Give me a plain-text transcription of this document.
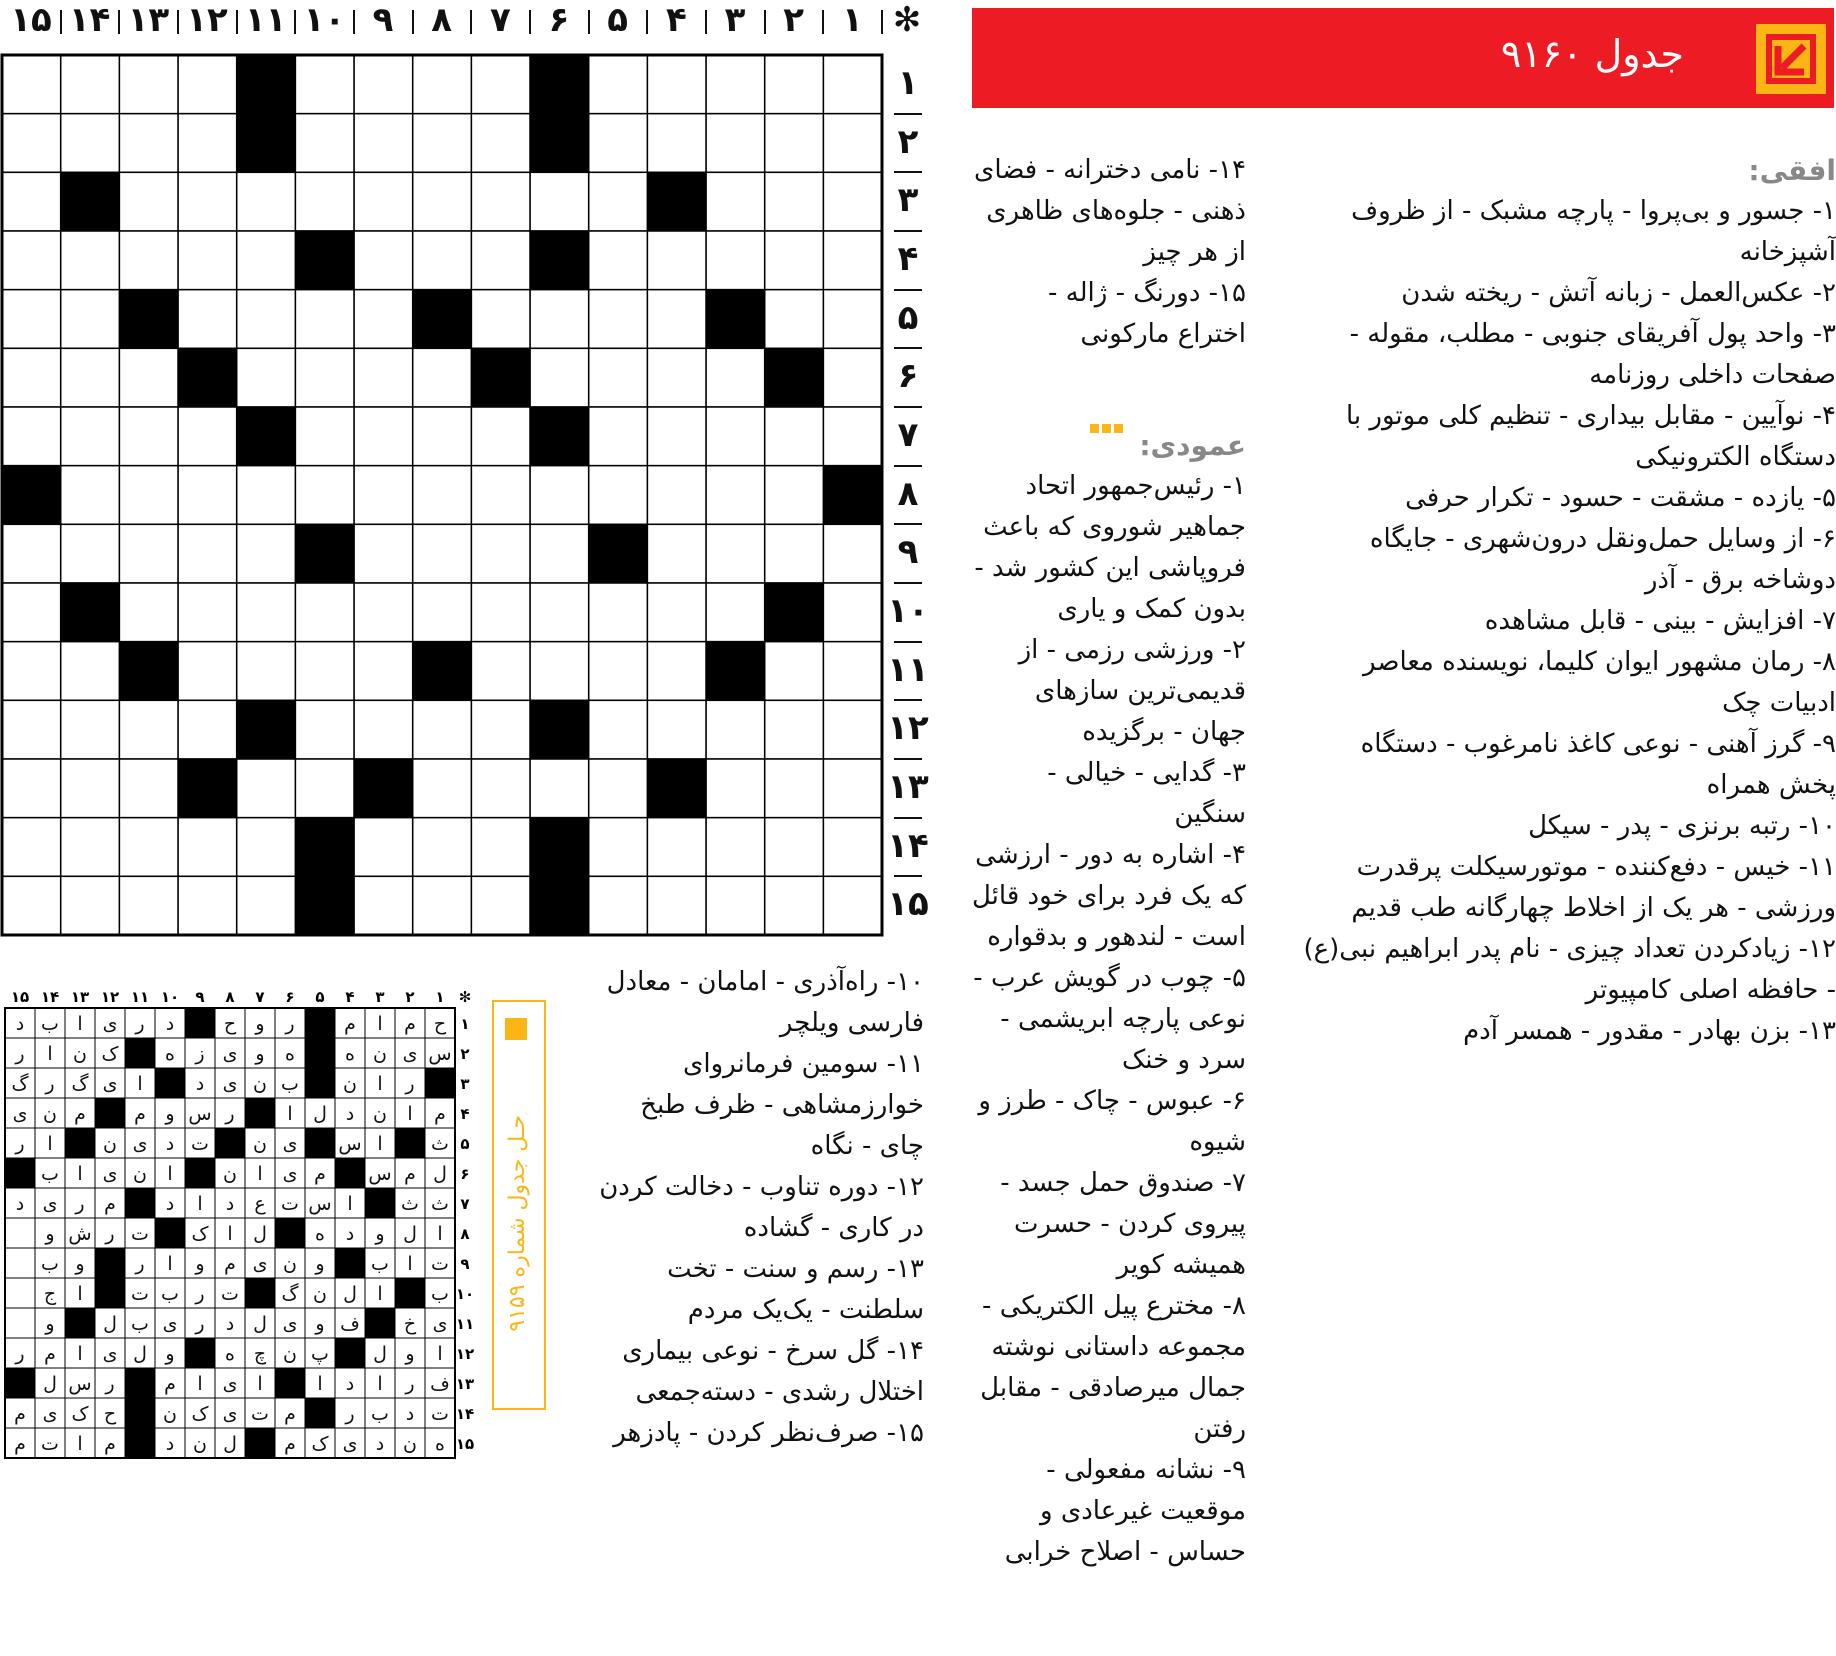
۱
۲
۳
۴
۵
۶
۷
۸
۹
۱۰
۱۱
۱۲
۱۳
۱۴
۱۵	✻
۱
۲
۳
۴
۵
۶
۷
۸
۹
۱۰
۱۱
۱۲
۱۳
۱۴
۱۵
جدول ۹۱۶۰

افقی:

۱- جسور و بی‌پروا - پارچه مشبک - از ظروف آشپزخانه

۲- عکس‌العمل - زبانه آتش - ریخته شدن

۳- واحد پول آفریقای جنوبی - مطلب، مقوله - صفحات داخلی روزنامه

۴- نوآیین - مقابل بیداری - تنظیم کلی موتور با دستگاه الکترونیکی

۵- یازده - مشقت - حسود - تکرار حرفی

۶- از وسایل حمل‌ونقل درون‌شهری - جایگاه دوشاخه برق - آذر

۷- افزایش - بینی - قابل مشاهده

۸- رمان مشهور ایوان کلیما، نویسنده معاصر ادبیات چک

۹- گرز آهنی - نوعی کاغذ نامرغوب - دستگاه پخش همراه

۱۰- رتبه برنزی - پدر - سیکل

۱۱- خیس - دفع‌کننده - موتورسیکلت پرقدرت ورزشی - هر یک از اخلاط چهارگانه طب قدیم

۱۲- زیادکردن تعداد چیزی - نام پدر ابراهیم نبی(ع) - حافظه اصلی کامپیوتر

۱۳- بزن بهادر - مقدور - همسر آدم

۱۴- نامی دخترانه - فضای ذهنی - جلوه‌های ظاهری از هر چیز

۱۵- دورنگ - ژاله - اختراع مارکونی

عمودی:

۱- رئیس‌جمهور اتحاد جماهیر شوروی که باعث فروپاشی این کشور شد - بدون کمک و یاری

۲- ورزشی رزمی - از قدیمی‌ترین سازهای جهان - برگزیده

۳- گدایی - خیالی - سنگین

۴- اشاره به دور - ارزشی که یک فرد برای خود قائل است - لندهور و بدقواره

۵- چوب در گویش عرب - نوعی پارچه ابریشمی - سرد و خنک

۶- عبوس - چاک - طرز و شیوه

۷- صندوق حمل جسد - پیروی کردن - حسرت همیشه کویر

۸- مخترع پیل الکتریکی - مجموعه داستانی نوشته جمال میرصادقی - مقابل رفتن

۹- نشانه مفعولی - موقعیت غیرعادی و حساس - اصلاح خرابی

۱۰- راه‌آذری - امامان - معادل فارسی ویلچر

۱۱- سومین فرمانروای خوارزمشاهی - ظرف طبخ چای - نگاه

۱۲- دوره تناوب - دخالت کردن در کاری - گشاده

۱۳- رسم و سنت - تخت سلطنت - یک‌یک مردم

۱۴- گل سرخ - نوعی بیماری اختلال رشدی - دسته‌جمعی

۱۵- صرف‌نظر کردن - پادزهر

حـل جدول شماره ۹۱۵۹
ح
م
ا
م
ر
و
ح
د
ر
ی
ا
ب
د
س
ی
ن
ه
ه
و
ی
ز
ه
ک
ن
ا
ر
ر
ا
ن
ب
ن
ی
د
ا
ی
گ
ر
گ
م
ا
ن
د
ل
ا
ر
س
و
م
م
ن
ی
ث
ا
س
ی
ن
ت
د
ی
ن
ا
ر
ل
م
س
م
ی
ا
ن
ا
ن
ی
ا
ب
ث
ث
ا
س
ت
ع
د
ا
د
م
ر
ی
د
ا
ل
و
د
ه
ل
ا
ک
ت
ر
ش
و
ت
ا
ب
و
ن
ی
م
و
ا
ر
و
ب
ب
ا
ل
ن
گ
ت
ر
ب
ت
ا
ج
ی
خ
ف
و
ی
ل
د
ر
ی
ب
ل
و
ا
و
ل
پ
ن
چ
ه
و
ل
ی
ا
م
ر
ف
ر
ا
د
ا
ا
ی
ا
م
ر
س
ل
ت
د
ب
ر
م
ت
ی
ک
ن
ح
ک
ی
م
ه
ن
د
ی
ک
م
ل
ن
د
م
ا
ت
م
۱
۲
۳
۴
۵
۶
۷
۸
۹
۱۰
۱۱
۱۲
۱۳
۱۴
۱۵	✻
۱
۲
۳
۴
۵
۶
۷
۸
۹
۱۰
۱۱
۱۲
۱۳
۱۴
۱۵
